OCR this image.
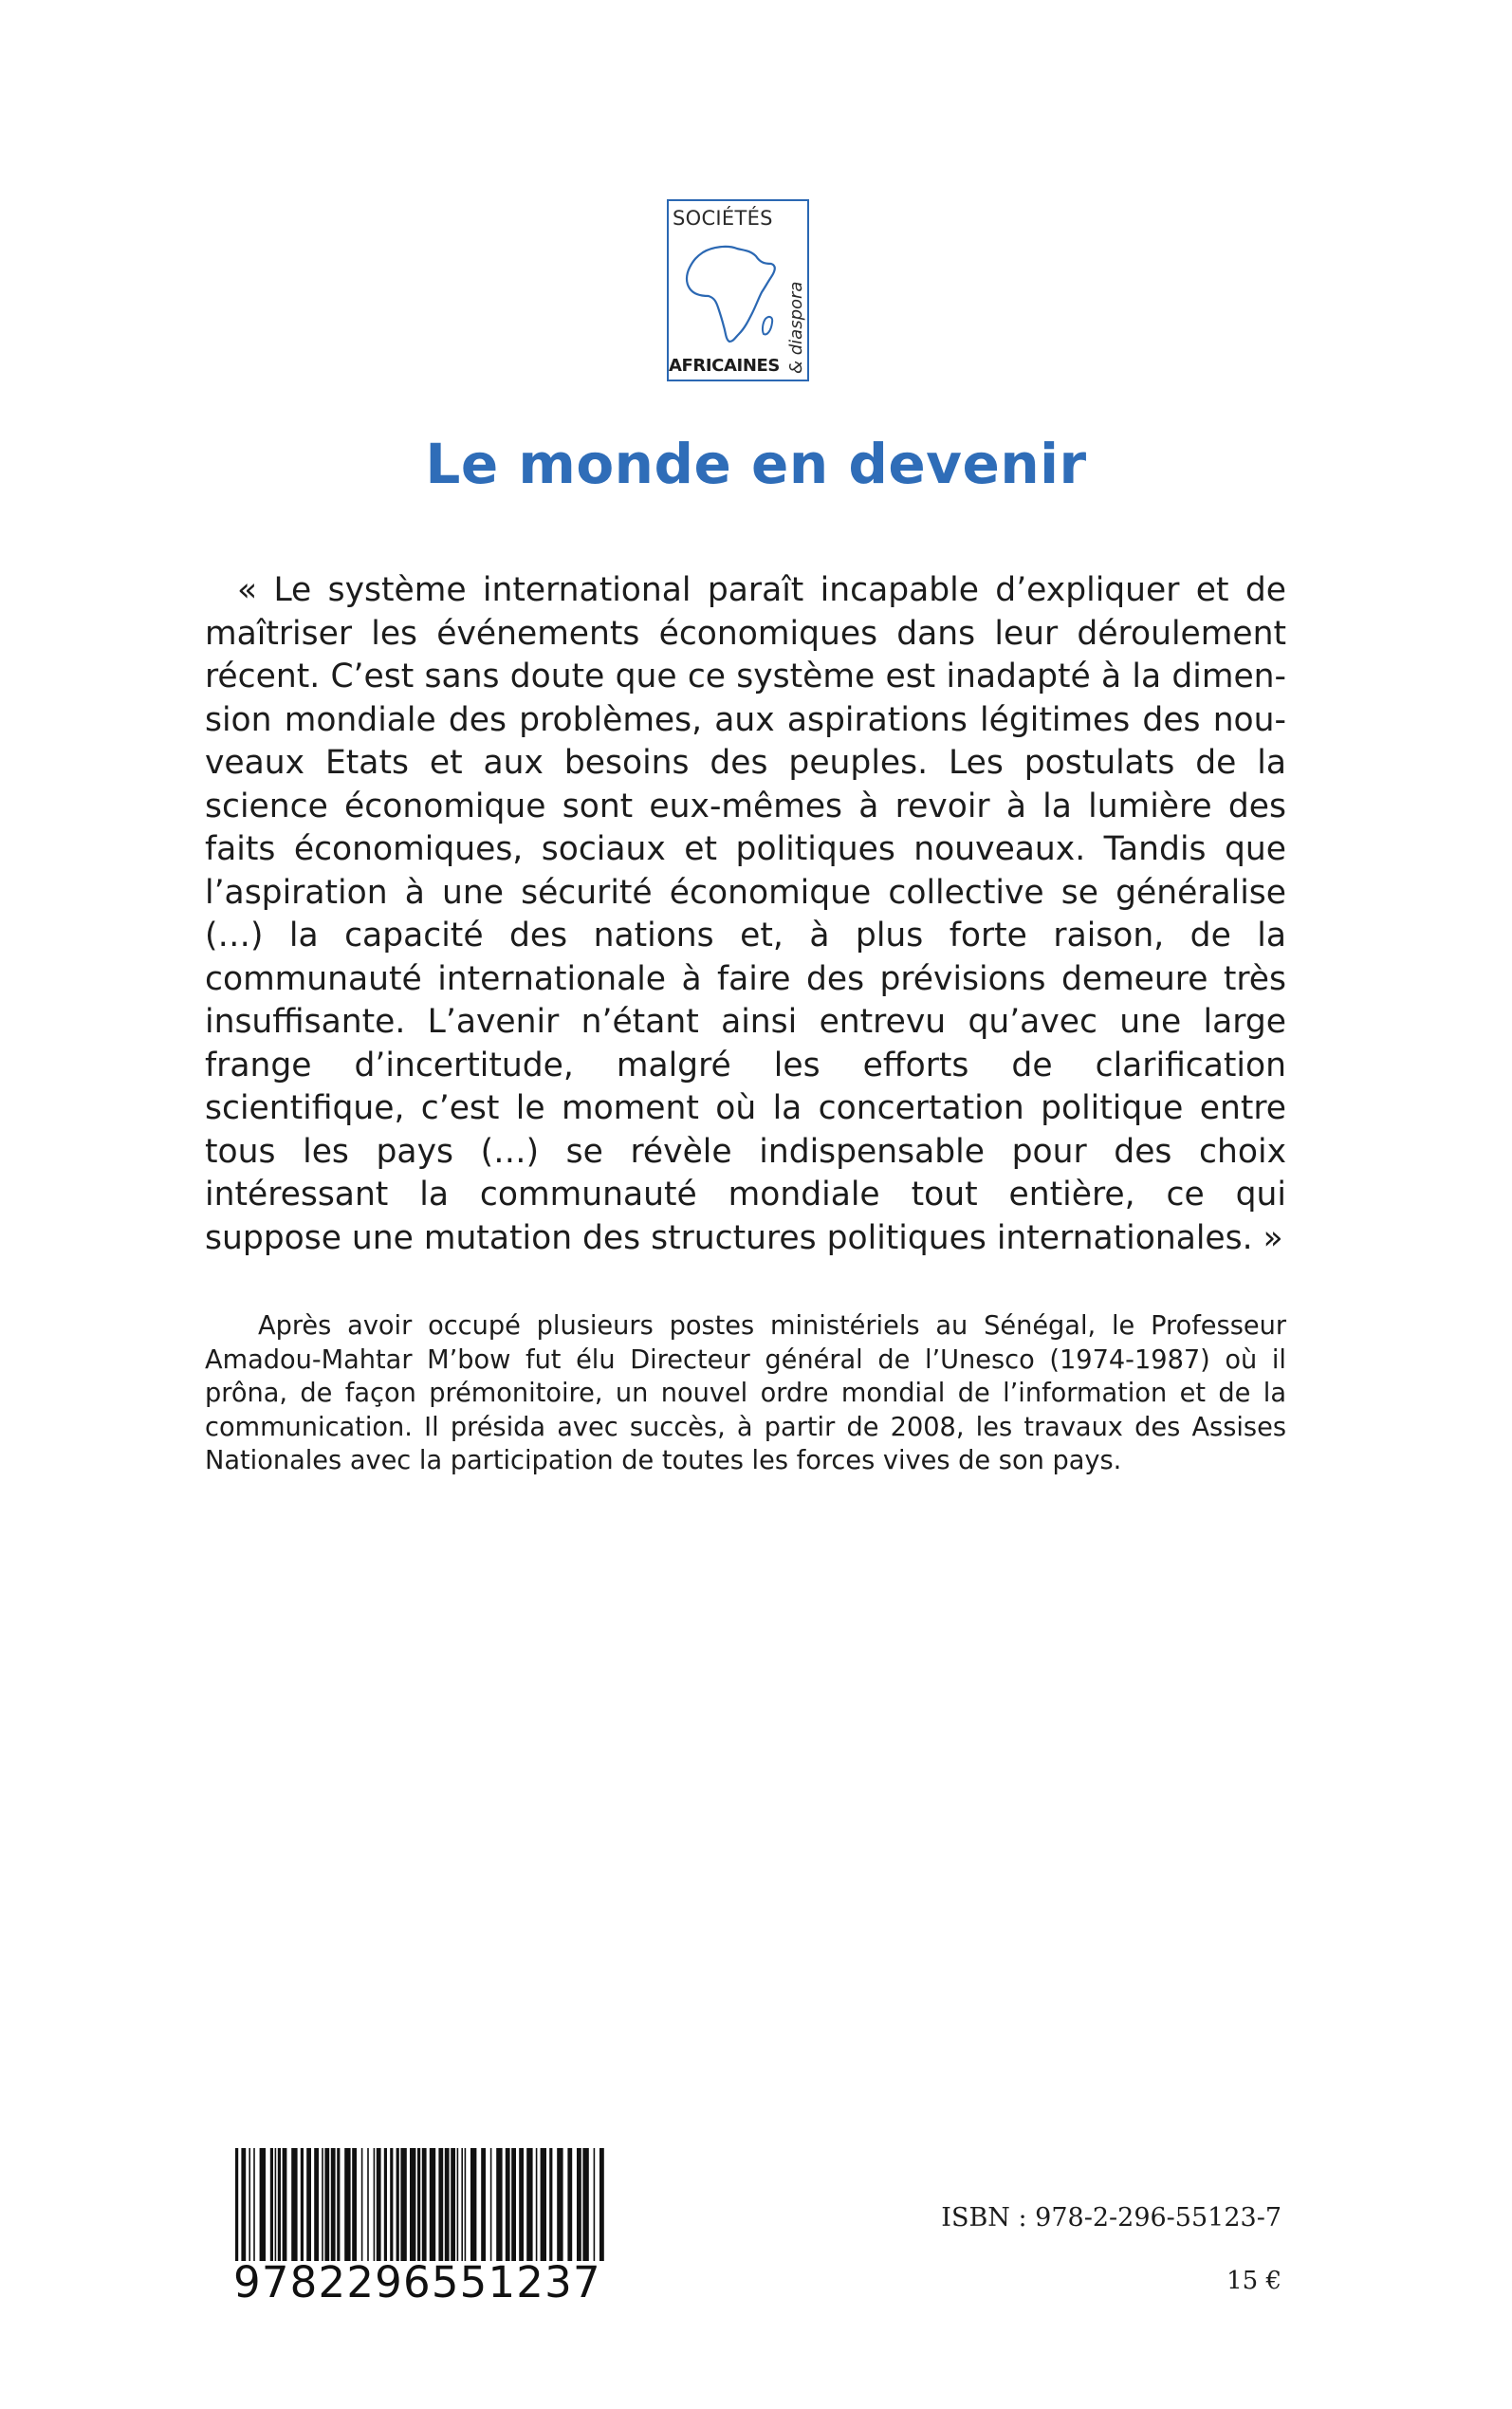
SOCIÉTÉS
AFRICAINES & diaspora
Le monde en devenir

« Le système international paraît incapable d’expliquer et de maîtriser les événements économiques dans leur déroulement récent. C’est sans doute que ce système est inadapté à la dimension mondiale des problèmes, aux aspirations légitimes des nouveaux Etats et aux besoins des peuples. Les postulats de la science économique sont eux-mêmes à revoir à la lumière des faits économiques, sociaux et politiques nouveaux. Tandis que l’aspiration à une sécurité économique collective se généralise (…) la capacité des nations et, à plus forte raison, de la communauté internationale à faire des prévisions demeure très insuffisante. L’avenir n’étant ainsi entrevu qu’avec une large frange d’incertitude, malgré les efforts de clarification scientifique, c’est le moment où la concertation politique entre tous les pays (…) se révèle indispensable pour des choix intéressant la communauté mondiale tout entière, ce qui suppose une mutation des structures politiques internationales. »

Après avoir occupé plusieurs postes ministériels au Sénégal, le Professeur Amadou-Mahtar M’bow fut élu Directeur général de l’Unesco (1974-1987) où il prôna, de façon prémonitoire, un nouvel ordre mondial de l’information et de la communication. Il présida avec succès, à partir de 2008, les travaux des Assises Nationales avec la participation de toutes les forces vives de son pays.

9782296551237
ISBN : 978-2-296-55123-7
15 €
